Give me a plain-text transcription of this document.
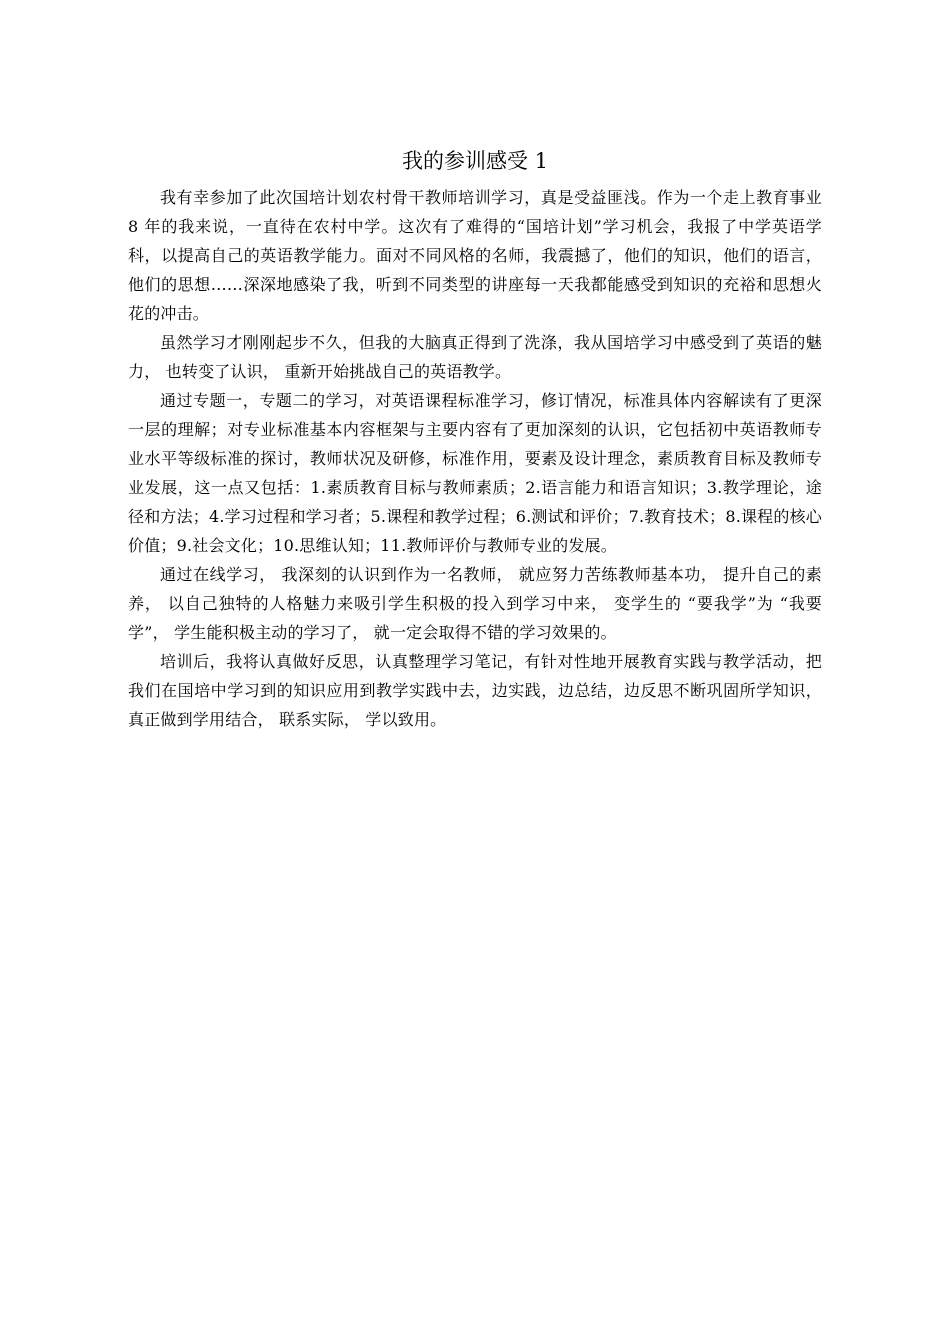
我的参训感受 1

我有幸参加了此次国培计划农村骨干教师培训学习，真是受益匪浅。作为一个走上教育事业 8 年的我来说，一直待在农村中学。这次有了难得的“国培计划”学习机会，我报了中学英语学科，以提高自己的英语教学能力。面对不同风格的名师，我震撼了，他们的知识，他们的语言，他们的思想……深深地感染了我，听到不同类型的讲座每一天我都能感受到知识的充裕和思想火花的冲击。

虽然学习才刚刚起步不久，但我的大脑真正得到了洗涤，我从国培学习中感受到了英语的魅力， 也转变了认识， 重新开始挑战自己的英语教学。

通过专题一，专题二的学习，对英语课程标准学习，修订情况，标准具体内容解读有了更深一层的理解；对专业标准基本内容框架与主要内容有了更加深刻的认识，它包括初中英语教师专业水平等级标准的探讨，教师状况及研修，标准作用，要素及设计理念，素质教育目标及教师专业发展，这一点又包括：1.素质教育目标与教师素质；2.语言能力和语言知识；3.教学理论，途径和方法；4.学习过程和学习者；5.课程和教学过程；6.测试和评价；7.教育技术；8.课程的核心价值；9.社会文化；10.思维认知；11.教师评价与教师专业的发展。

通过在线学习， 我深刻的认识到作为一名教师， 就应努力苦练教师基本功， 提升自己的素养， 以自己独特的人格魅力来吸引学生积极的投入到学习中来， 变学生的 “要我学”为 “我要学”， 学生能积极主动的学习了， 就一定会取得不错的学习效果的。

培训后，我将认真做好反思，认真整理学习笔记，有针对性地开展教育实践与教学活动，把我们在国培中学习到的知识应用到教学实践中去，边实践，边总结，边反思不断巩固所学知识， 真正做到学用结合， 联系实际， 学以致用。
